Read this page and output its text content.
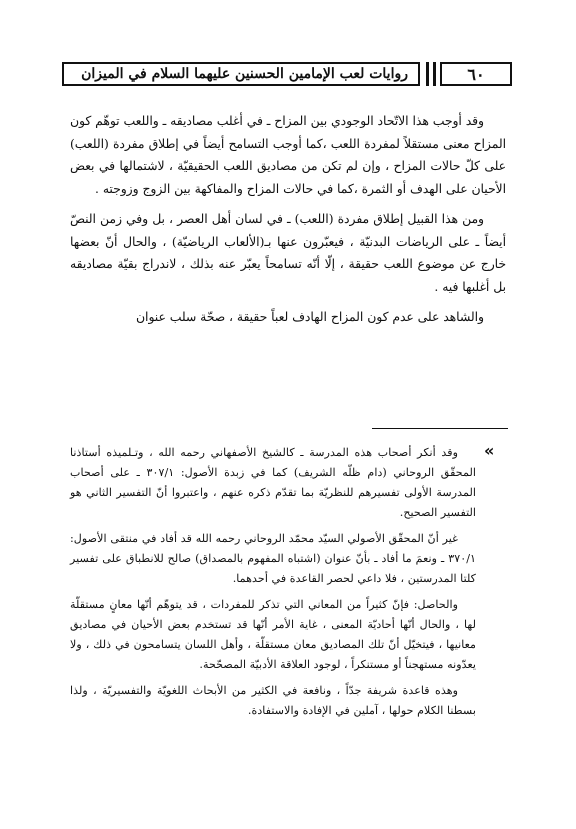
روايات لعب الإمامين الحسنين عليهما السلام في الميزان	٦٠

وقد أوجب هذا الاتّحاد الوجودي بين المزاح ـ في أغلب مصاديقه ـ واللعب توهّم كون المزاح معنى مستقلاً لمفردة اللعب ،كما أوجب التسامح أيضاً في إطلاق مفردة (اللعب) على كلّ حالات المزاح ، وإن لم تكن من مصاديق اللعب الحقيقيّة ، لاشتمالها في بعض الأحيان على الهدف أو الثمرة ،كما في حالات المزاح والمفاكهة بين الزوج وزوجته .

ومن هذا القبيل إطلاق مفردة (اللعب) ـ في لسان أهل العصر ، بل وفي زمن النصّ أيضاً ـ على الرياضات البدنيّة ، فيعبّرون عنها بـ(الألعاب الرياضيّة) ، والحال أنّ بعضها خارج عن موضوع اللعب حقيقة ، إلّا أنّه تسامحاً يعبّر عنه بذلك ، لاندراج بقيّة مصاديقه بل أغلبها فيه .

والشاهد على عدم كون المزاح الهادف لعباً حقيقة ، صحّة سلب عنوان

«

وقد أنكر أصحاب هذه المدرسة ـ كالشيخ الأصفهاني رحمه الله ، وتـلميذه أستاذنا المحقّق الروحاني (دام ظلّه الشريف) كما في زبدة الأصول: ٣٠٧/١ ـ على أصحاب المدرسة الأولى تفسيرهم للنظريّة بما تقدّم ذكره عنهم ، واعتبروا أنّ التفسير الثاني هو التفسير الصحيح.

غير أنّ المحقّق الأصولي السيّد محمّد الروحاني رحمه الله قد أفاد في منتقى الأصول: ٣٧٠/١ ـ ونعمَ ما أفاد ـ بأنّ عنوان (اشتباه المفهوم بالمصداق) صالح للانطباق على تفسير كلتا المدرستين ، فلا داعي لحصر القاعدة في أحدهما.

والحاصل: فإنّ كثيراً من المعاني التي تذكر للمفردات ، قد يتوهّم أنّها معانٍ مستقلّة لها ، والحال أنّها أحاديّة المعنى ، غاية الأمر أنّها قد تستخدم بعض الأحيان في مصاديق معانيها ، فيتخيّل أنّ تلك المصاديق معان مستقلّة ، وأهل اللسان يتسامحون في ذلك ، ولا يعدّونه مستهجناً أو مستنكراً ، لوجود العلاقة الأدبيّة المصحّحة.

وهذه قاعدة شريفة جدّاً ، ونافعة في الكثير من الأبحاث اللغويّة والتفسيريّة ، ولذا بسطنا الكلام حولها ، آملين في الإفادة والاستفادة.
